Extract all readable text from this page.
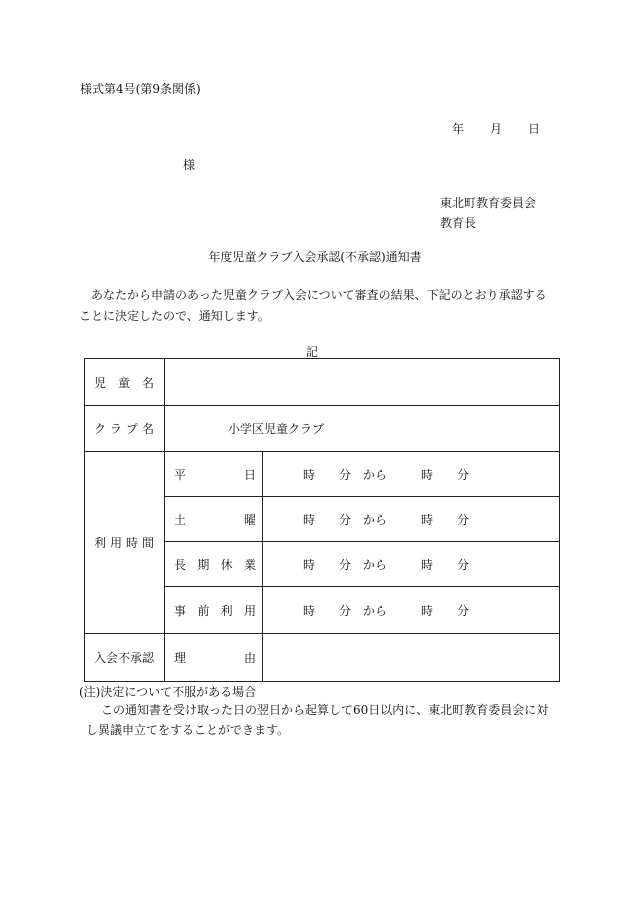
様式第4号(第9条関係)
年 月 日
様
東北町教育委員会
教育長
年度児童クラブ入会承認(不承認)通知書
あなたから申請のあった児童クラブ入会について審査の結果、下記のとおり承認することに決定したので、通知します。
記
児 童 名		

ク ラ プ 名	小学区児童クラブ	

利 用 時 間	平 日	時 分 から 時 分

	土 曜	時 分 から 時 分

	長 期 休 業	時 分 から 時 分

	事 前 利 用	時 分 から 時 分
入会不承認	理 由	

(注)決定について不服がある場合
この通知書を受け取った日の翌日から起算して60日以内に、東北町教育委員会に対し異議申立てをすることができます。
